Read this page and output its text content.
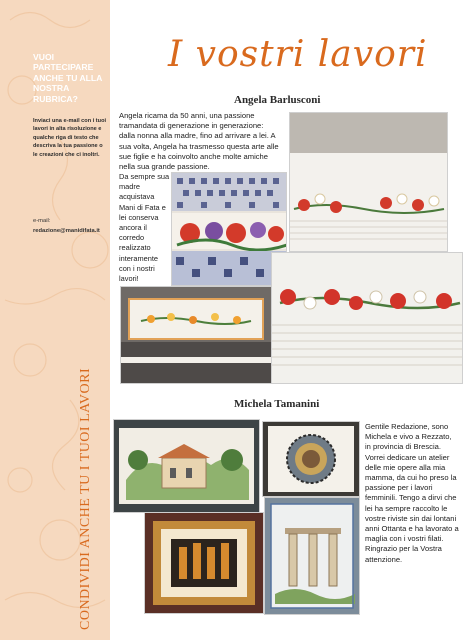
VUOI PARTECIPARE ANCHE TU ALLA NOSTRA RUBRICA?
Inviaci una e-mail con i tuoi lavori in alta risoluzione e qualche riga di testo che descriva la tua passione o le creazioni che ci inoltri.
e-mail:
redazione@manidifata.it
CONDIVIDI ANCHE TU I TUOI LAVORI
I vostri lavori
Angela Barlusconi
Angela ricama da 50 anni, una passione tramandata di generazione in generazione: dalla nonna alla madre, fino ad arrivare a lei. A sua volta, Angela ha trasmesso questa arte alle sue figlie e ha coinvolto anche molte amiche nella sua grande passione.
Da sempre sua madre acquistava Mani di Fata e lei conserva ancora il corredo realizzato interamente con i nostri lavori!
Michela Tamanini
Gentile Redazione, sono Michela e vivo a Rezzato, in provincia di Brescia. Vorrei dedicare un atelier delle mie opere alla mia mamma, da cui ho preso la passione per i lavori femminili. Tengo a dirvi che lei ha sempre raccolto le vostre riviste sin dai lontani anni Ottanta e ha lavorato a maglia con i vostri filati. Ringrazio per la Vostra attenzione.
